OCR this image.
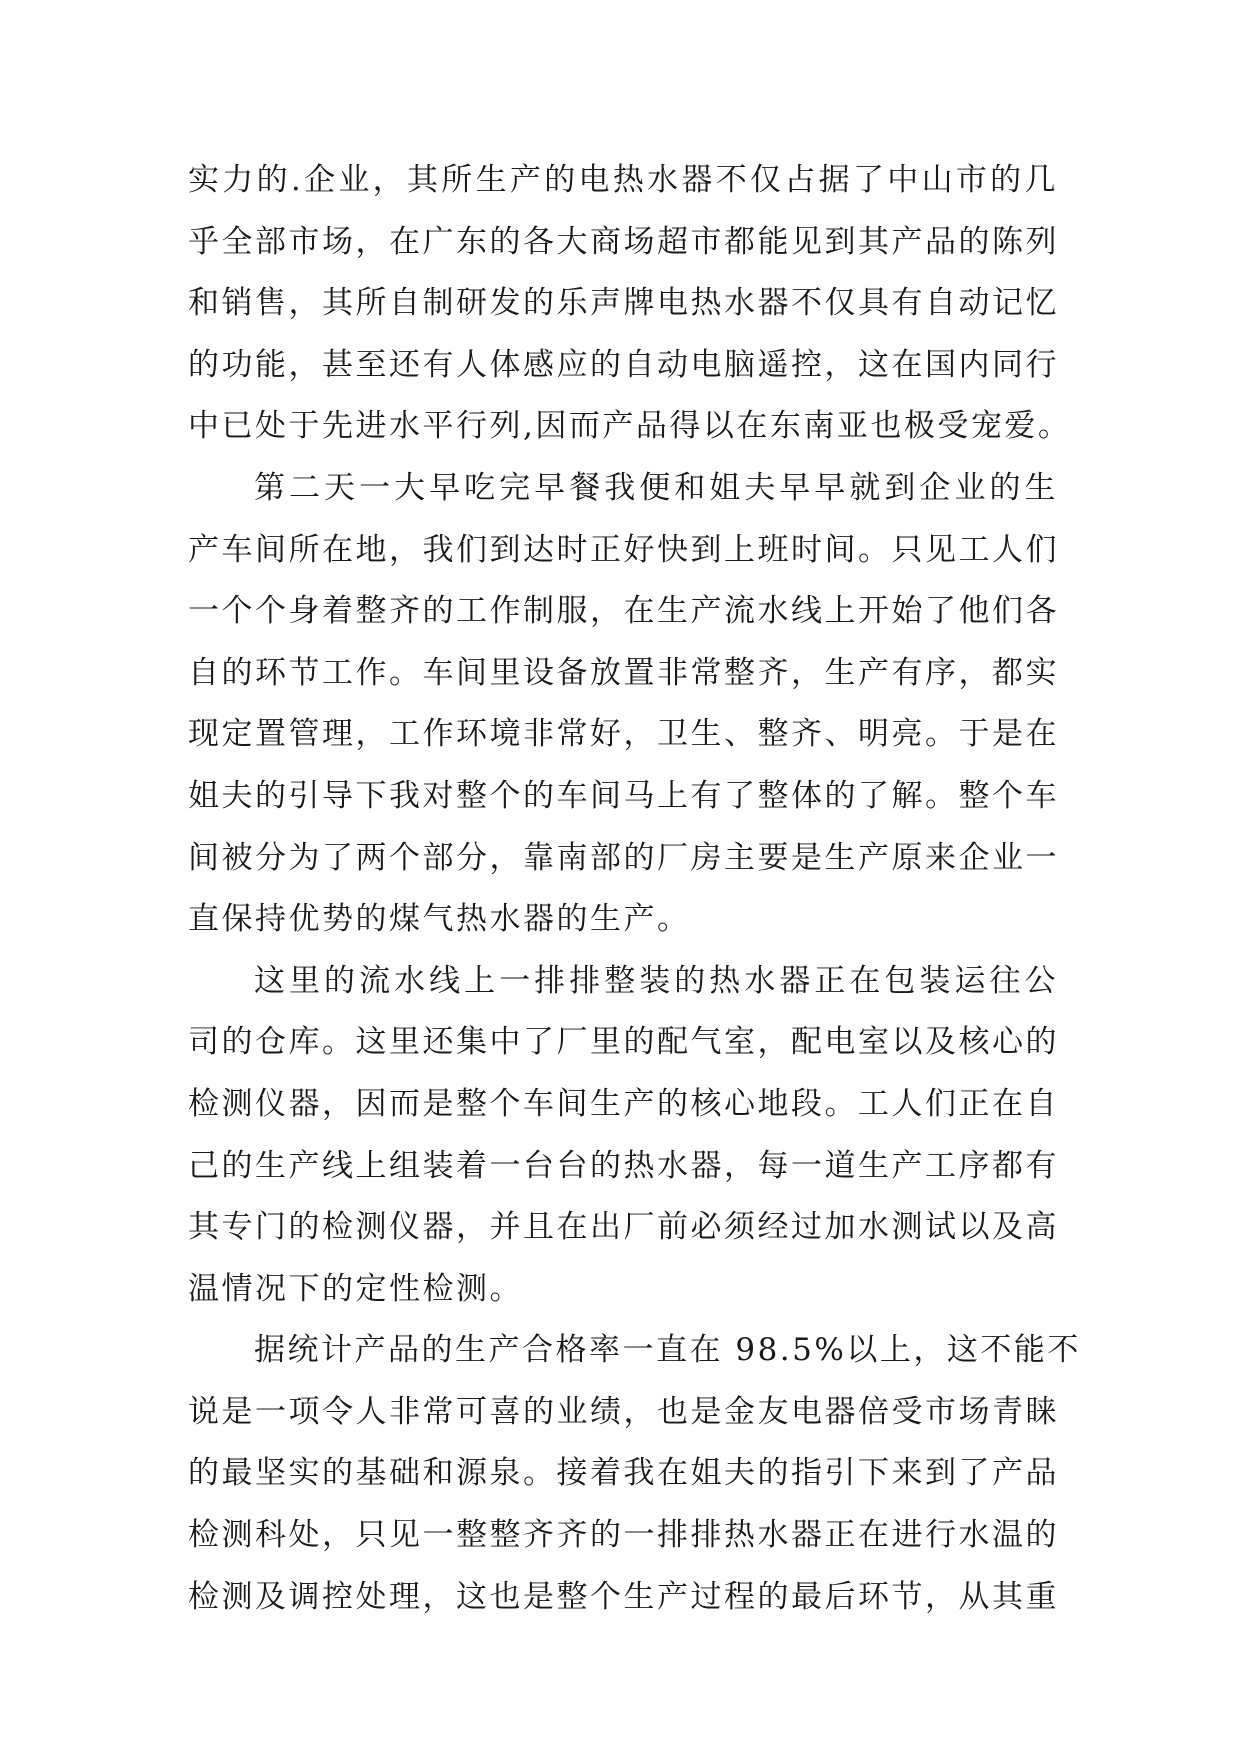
实力的.企业，其所生产的电热水器不仅占据了中山市的几
乎全部市场，在广东的各大商场超市都能见到其产品的陈列
和销售，其所自制研发的乐声牌电热水器不仅具有自动记忆
的功能，甚至还有人体感应的自动电脑遥控，这在国内同行
中已处于先进水平行列,因而产品得以在东南亚也极受宠爱。
第二天一大早吃完早餐我便和姐夫早早就到企业的生
产车间所在地，我们到达时正好快到上班时间。只见工人们
一个个身着整齐的工作制服，在生产流水线上开始了他们各
自的环节工作。车间里设备放置非常整齐，生产有序，都实
现定置管理，工作环境非常好，卫生、整齐、明亮。于是在
姐夫的引导下我对整个的车间马上有了整体的了解。整个车
间被分为了两个部分，靠南部的厂房主要是生产原来企业一
直保持优势的煤气热水器的生产。
这里的流水线上一排排整装的热水器正在包装运往公
司的仓库。这里还集中了厂里的配气室，配电室以及核心的
检测仪器，因而是整个车间生产的核心地段。工人们正在自
己的生产线上组装着一台台的热水器，每一道生产工序都有
其专门的检测仪器，并且在出厂前必须经过加水测试以及高
温情况下的定性检测。
据统计产品的生产合格率一直在 98.5%以上，这不能不
说是一项令人非常可喜的业绩，也是金友电器倍受市场青睐
的最坚实的基础和源泉。接着我在姐夫的指引下来到了产品
检测科处，只见一整整齐齐的一排排热水器正在进行水温的
检测及调控处理，这也是整个生产过程的最后环节，从其重
